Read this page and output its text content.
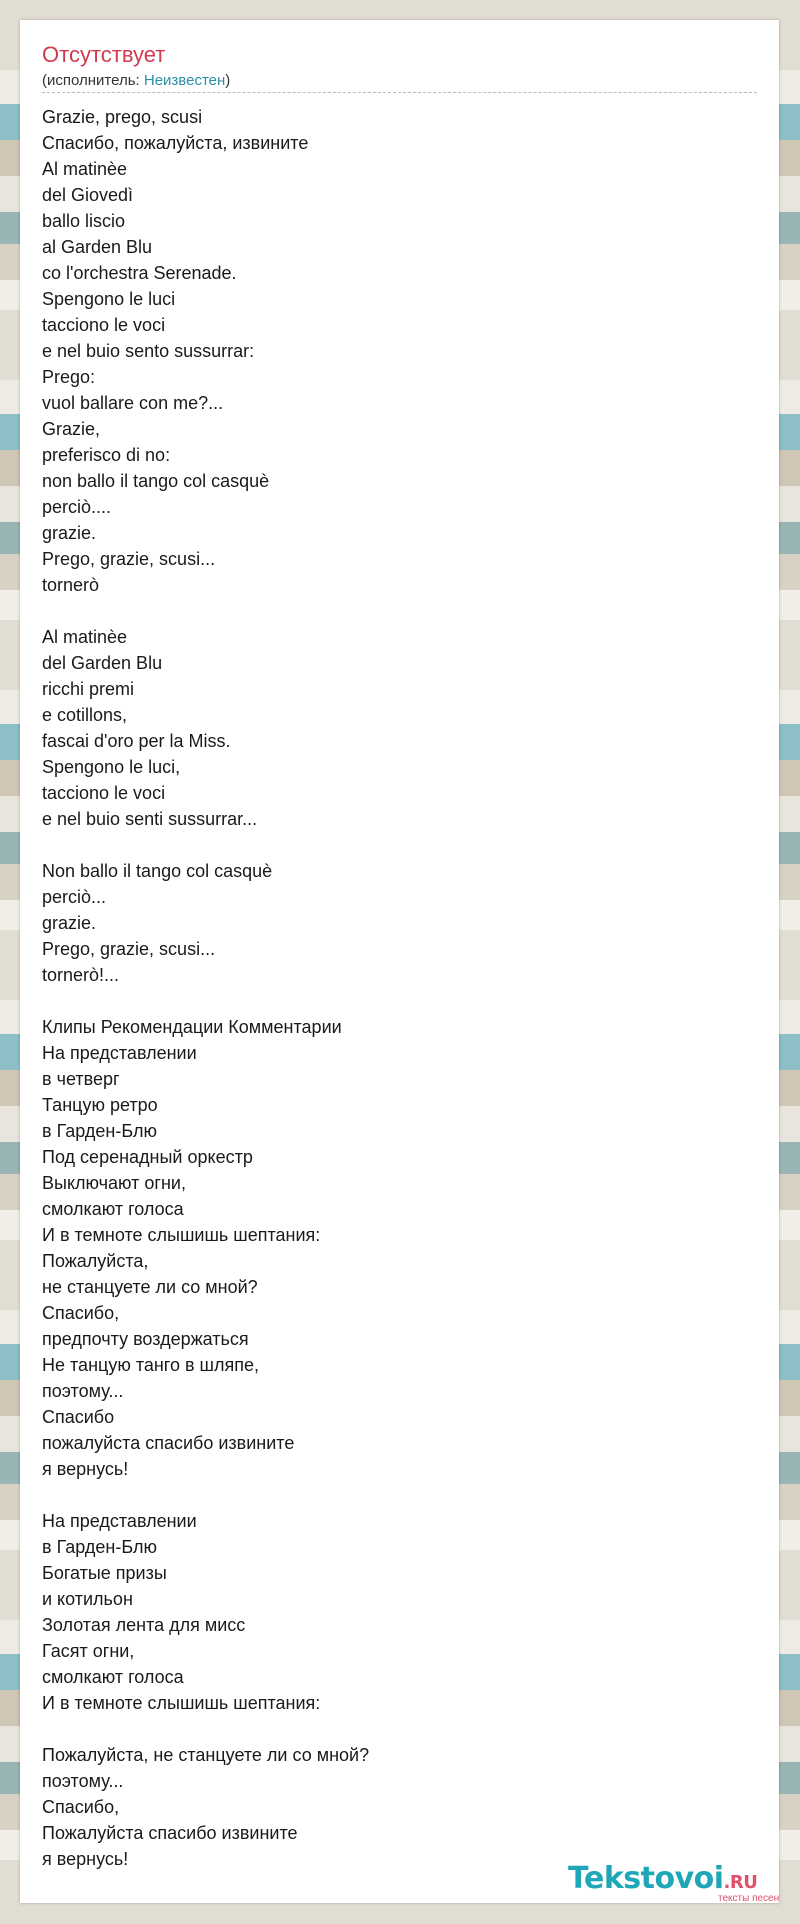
Отсутствует
(исполнитель: Неизвестен)
Grazie, prego, scusi
Спасибо, пожалуйста, извините
Al matinèe
del Giovedì
ballo liscio
al Garden Blu
co l'orchestra Serenade.
Spengono le luci
tacciono le voci
e nel buio sento sussurrar:
Prego:
vuol ballare con me?...
Grazie,
preferisco di no:
non ballo il tango col casquè
perciò....
grazie.
Prego, grazie, scusi...
tornerò
Al matinèe
del Garden Blu
ricchi premi
e cotillons,
fascai d'oro per la Miss.
Spengono le luci,
tacciono le voci
e nel buio senti sussurrar...
Non ballo il tango col casquè
perciò...
grazie.
Prego, grazie, scusi...
tornerò!...
Клипы Рекомендации Комментарии
На представлении
в четверг
Танцую ретро
в Гарден-Блю
Под серенадный оркестр
Выключают огни,
смолкают голоса
И в темноте слышишь шептания:
Пожалуйста,
не станцуете ли со мной?
Спасибо,
предпочту воздержаться
Не танцую танго в шляпе,
поэтому...
Спасибо
пожалуйста спасибо извините
я вернусь!
На представлении
в Гарден-Блю
Богатые призы
и котильон
Золотая лента для мисс
Гасят огни,
смолкают голоса
И в темноте слышишь шептания:
Пожалуйста, не станцуете ли со мной?
поэтому...
Спасибо,
Пожалуйста спасибо извините
я вернусь!
Tekstovoi.RU
тексты песен
